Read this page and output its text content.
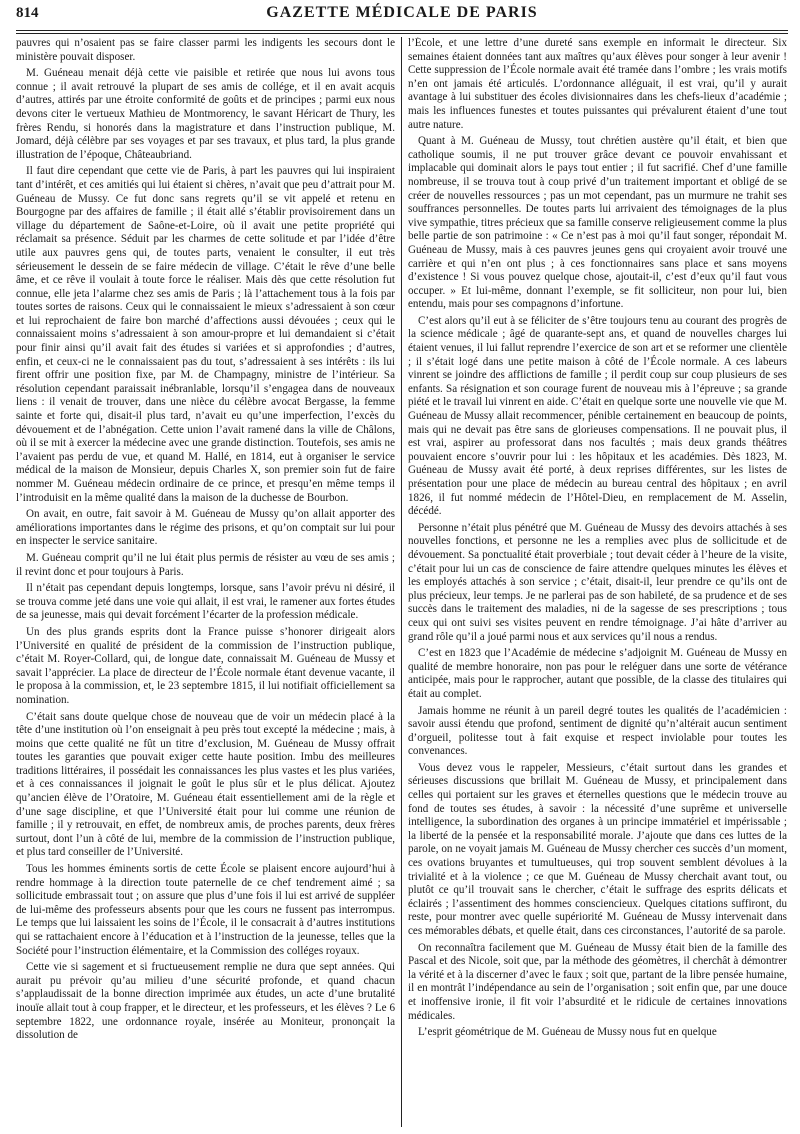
814	GAZETTE MÉDICALE DE PARIS

pauvres qui n’osaient pas se faire classer parmi les indigents les secours dont le ministère pouvait disposer.

M. Guéneau menait déjà cette vie paisible et retirée que nous lui avons tous connue ; il avait retrouvé la plupart de ses amis de collége, et il en avait acquis d’autres, attirés par une étroite conformité de goûts et de principes ; parmi eux nous devons citer le vertueux Mathieu de Montmorency, le savant Héricart de Thury, les frères Rendu, si honorés dans la magistrature et dans l’instruction publique, M. Jomard, déjà célèbre par ses voyages et par ses travaux, et plus tard, la plus grande illustration de l’époque, Châteaubriand.

Il faut dire cependant que cette vie de Paris, à part les pauvres qui lui inspiraient tant d’intérêt, et ces amitiés qui lui étaient si chères, n’avait que peu d’attrait pour M. Guéneau de Mussy. Ce fut donc sans regrets qu’il se vit appelé et retenu en Bourgogne par des affaires de famille ; il était allé s’établir provisoirement dans un village du département de Saône-et-Loire, où il avait une petite propriété qui réclamait sa présence. Séduit par les charmes de cette solitude et par l’idée d’être utile aux pauvres gens qui, de toutes parts, venaient le consulter, il eut très sérieusement le dessein de se faire médecin de village. C’était le rêve d’une belle âme, et ce rêve il voulait à toute force le réaliser. Mais dès que cette résolution fut connue, elle jeta l’alarme chez ses amis de Paris ; là l’attachement tous à la fois par toutes sortes de raisons. Ceux qui le connaissaient le mieux s’adressaient à son cœur et lui reprochaient de faire bon marché d’affections aussi dévouées ; ceux qui le connaissaient moins s’adressaient à son amour-propre et lui demandaient si c’était pour finir ainsi qu’il avait fait des études si variées et si approfondies ; d’autres, enfin, et ceux-ci ne le connaissaient pas du tout, s’adressaient à ses intérêts : ils lui firent offrir une position fixe, par M. de Champagny, ministre de l’intérieur. Sa résolution cependant paraissait inébranlable, lorsqu’il s’engagea dans de nouveaux liens : il venait de trouver, dans une nièce du célèbre avocat Bergasse, la femme sainte et forte qui, disait-il plus tard, n’avait eu qu’une imperfection, l’excès du dévouement et de l’abnégation. Cette union l’avait ramené dans la ville de Châlons, où il se mit à exercer la médecine avec une grande distinction. Toutefois, ses amis ne l’avaient pas perdu de vue, et quand M. Hallé, en 1814, eut à organiser le service médical de la maison de Monsieur, depuis Charles X, son premier soin fut de faire nommer M. Guéneau médecin ordinaire de ce prince, et presqu’en même temps il l’introduisit en la même qualité dans la maison de la duchesse de Bourbon.

On avait, en outre, fait savoir à M. Guéneau de Mussy qu’on allait apporter des améliorations importantes dans le régime des prisons, et qu’on comptait sur lui pour en inspecter le service sanitaire.

M. Guéneau comprit qu’il ne lui était plus permis de résister au vœu de ses amis ; il revint donc et pour toujours à Paris.

Il n’était pas cependant depuis longtemps, lorsque, sans l’avoir prévu ni désiré, il se trouva comme jeté dans une voie qui allait, il est vrai, le ramener aux fortes études de sa jeunesse, mais qui devait forcément l’écarter de la profession médicale.

Un des plus grands esprits dont la France puisse s’honorer dirigeait alors l’Université en qualité de président de la commission de l’instruction publique, c’était M. Royer-Collard, qui, de longue date, connaissait M. Guéneau de Mussy et savait l’apprécier. La place de directeur de l’École normale étant devenue vacante, il le proposa à la commission, et, le 23 septembre 1815, il lui notifiait officiellement sa nomination.

C’était sans doute quelque chose de nouveau que de voir un médecin placé à la tête d’une institution où l’on enseignait à peu près tout excepté la médecine ; mais, à moins que cette qualité ne fût un titre d’exclusion, M. Guéneau de Mussy offrait toutes les garanties que pouvait exiger cette haute position. Imbu des meilleures traditions littéraires, il possédait les connaissances les plus vastes et les plus variées, et à ces connaissances il joignait le goût le plus sûr et le plus délicat. Ajoutez qu’ancien élève de l’Oratoire, M. Guéneau était essentiellement ami de la règle et d’une sage discipline, et que l’Université était pour lui comme une réunion de famille ; il y retrouvait, en effet, de nombreux amis, de proches parents, deux frères surtout, dont l’un à côté de lui, membre de la commission de l’instruction publique, et plus tard conseiller de l’Université.

Tous les hommes éminents sortis de cette École se plaisent encore aujourd’hui à rendre hommage à la direction toute paternelle de ce chef tendrement aimé ; sa sollicitude embrassait tout ; on assure que plus d’une fois il lui est arrivé de suppléer de lui-même des professeurs absents pour que les cours ne fussent pas interrompus. Le temps que lui laissaient les soins de l’École, il le consacrait à d’autres institutions qui se rattachaient encore à l’éducation et à l’instruction de la jeunesse, telles que la Société pour l’instruction élémentaire, et la Commission des colléges royaux.

Cette vie si sagement et si fructueusement remplie ne dura que sept années. Qui aurait pu prévoir qu’au milieu d’une sécurité profonde, et quand chacun s’applaudissait de la bonne direction imprimée aux études, un acte d’une brutalité inouïe allait tout à coup frapper, et le directeur, et les professeurs, et les élèves ? Le 6 septembre 1822, une ordonnance royale, insérée au Moniteur, prononçait la dissolution de

l’École, et une lettre d’une dureté sans exemple en informait le directeur. Six semaines étaient données tant aux maîtres qu’aux élèves pour songer à leur avenir ! Cette suppression de l’École normale avait été tramée dans l’ombre ; les vrais motifs n’en ont jamais été articulés. L’ordonnance alléguait, il est vrai, qu’il y aurait avantage à lui substituer des écoles divisionnaires dans les chefs-lieux d’académie ; mais les influences funestes et toutes puissantes qui prévalurent étaient d’une tout autre nature.

Quant à M. Guéneau de Mussy, tout chrétien austère qu’il était, et bien que catholique soumis, il ne put trouver grâce devant ce pouvoir envahissant et implacable qui dominait alors le pays tout entier ; il fut sacrifié. Chef d’une famille nombreuse, il se trouva tout à coup privé d’un traitement important et obligé de se créer de nouvelles ressources ; pas un mot cependant, pas un murmure ne trahit ses souffrances personnelles. De toutes parts lui arrivaient des témoignages de la plus vive sympathie, titres précieux que sa famille conserve religieusement comme la plus belle partie de son patrimoine : « Ce n’est pas à moi qu’il faut songer, répondait M. Guéneau de Mussy, mais à ces pauvres jeunes gens qui croyaient avoir trouvé une carrière et qui n’en ont plus ; à ces fonctionnaires sans place et sans moyens d’existence ! Si vous pouvez quelque chose, ajoutait-il, c’est d’eux qu’il faut vous occuper. » Et lui-même, donnant l’exemple, se fit solliciteur, non pour lui, bien entendu, mais pour ses compagnons d’infortune.

C’est alors qu’il eut à se féliciter de s’être toujours tenu au courant des progrès de la science médicale ; âgé de quarante-sept ans, et quand de nouvelles charges lui étaient venues, il lui fallut reprendre l’exercice de son art et se reformer une clientèle ; il s’était logé dans une petite maison à côté de l’École normale. A ces labeurs vinrent se joindre des afflictions de famille ; il perdit coup sur coup plusieurs de ses enfants. Sa résignation et son courage furent de nouveau mis à l’épreuve ; sa grande piété et le travail lui vinrent en aide. C’était en quelque sorte une nouvelle vie que M. Guéneau de Mussy allait recommencer, pénible certainement en beaucoup de points, mais qui ne devait pas être sans de glorieuses compensations. Il ne pouvait plus, il est vrai, aspirer au professorat dans nos facultés ; mais deux grands théâtres pouvaient encore s’ouvrir pour lui : les hôpitaux et les académies. Dès 1823, M. Guéneau de Mussy avait été porté, à deux reprises différentes, sur les listes de présentation pour une place de médecin au bureau central des hôpitaux ; en avril 1826, il fut nommé médecin de l’Hôtel-Dieu, en remplacement de M. Asselin, décédé.

Personne n’était plus pénétré que M. Guéneau de Mussy des devoirs attachés à ses nouvelles fonctions, et personne ne les a remplies avec plus de sollicitude et de dévouement. Sa ponctualité était proverbiale ; tout devait céder à l’heure de la visite, c’était pour lui un cas de conscience de faire attendre quelques minutes les élèves et les employés attachés à son service ; c’était, disait-il, leur prendre ce qu’ils ont de plus précieux, leur temps. Je ne parlerai pas de son habileté, de sa prudence et de ses succès dans le traitement des maladies, ni de la sagesse de ses prescriptions ; tous ceux qui ont suivi ses visites peuvent en rendre témoignage. J’ai hâte d’arriver au grand rôle qu’il a joué parmi nous et aux services qu’il nous a rendus.

C’est en 1823 que l’Académie de médecine s’adjoignit M. Guéneau de Mussy en qualité de membre honoraire, non pas pour le reléguer dans une sorte de vétérance anticipée, mais pour le rapprocher, autant que possible, de la classe des titulaires qui était au complet.

Jamais homme ne réunit à un pareil degré toutes les qualités de l’académicien : savoir aussi étendu que profond, sentiment de dignité qu’n’altérait aucun sentiment d’orgueil, politesse tout à fait exquise et respect inviolable pour toutes les convenances.

Vous devez vous le rappeler, Messieurs, c’était surtout dans les grandes et sérieuses discussions que brillait M. Guéneau de Mussy, et principalement dans celles qui portaient sur les graves et éternelles questions que le médecin trouve au fond de toutes ses études, à savoir : la nécessité d’une suprême et universelle intelligence, la subordination des organes à un principe immatériel et impérissable ; la liberté de la pensée et la responsabilité morale. J’ajoute que dans ces luttes de la parole, on ne voyait jamais M. Guéneau de Mussy chercher ces succès d’un moment, ces ovations bruyantes et tumultueuses, qui trop souvent semblent dévolues à la trivialité et à la violence ; ce que M. Guéneau de Mussy cherchait avant tout, ou plutôt ce qu’il trouvait sans le chercher, c’était le suffrage des esprits délicats et éclairés ; l’assentiment des hommes consciencieux. Quelques citations suffiront, du reste, pour montrer avec quelle supériorité M. Guéneau de Mussy intervenait dans ces mémorables débats, et quelle était, dans ces circonstances, l’autorité de sa parole.

On reconnaîtra facilement que M. Guéneau de Mussy était bien de la famille des Pascal et des Nicole, soit que, par la méthode des géomètres, il cherchât à démontrer la vérité et à la discerner d’avec le faux ; soit que, partant de la libre pensée humaine, il en montrât l’indépendance au sein de l’organisation ; soit enfin que, par une douce et inoffensive ironie, il fit voir l’absurdité et le ridicule de certaines innovations médicales.

L’esprit géométrique de M. Guéneau de Mussy nous fut en quelque
